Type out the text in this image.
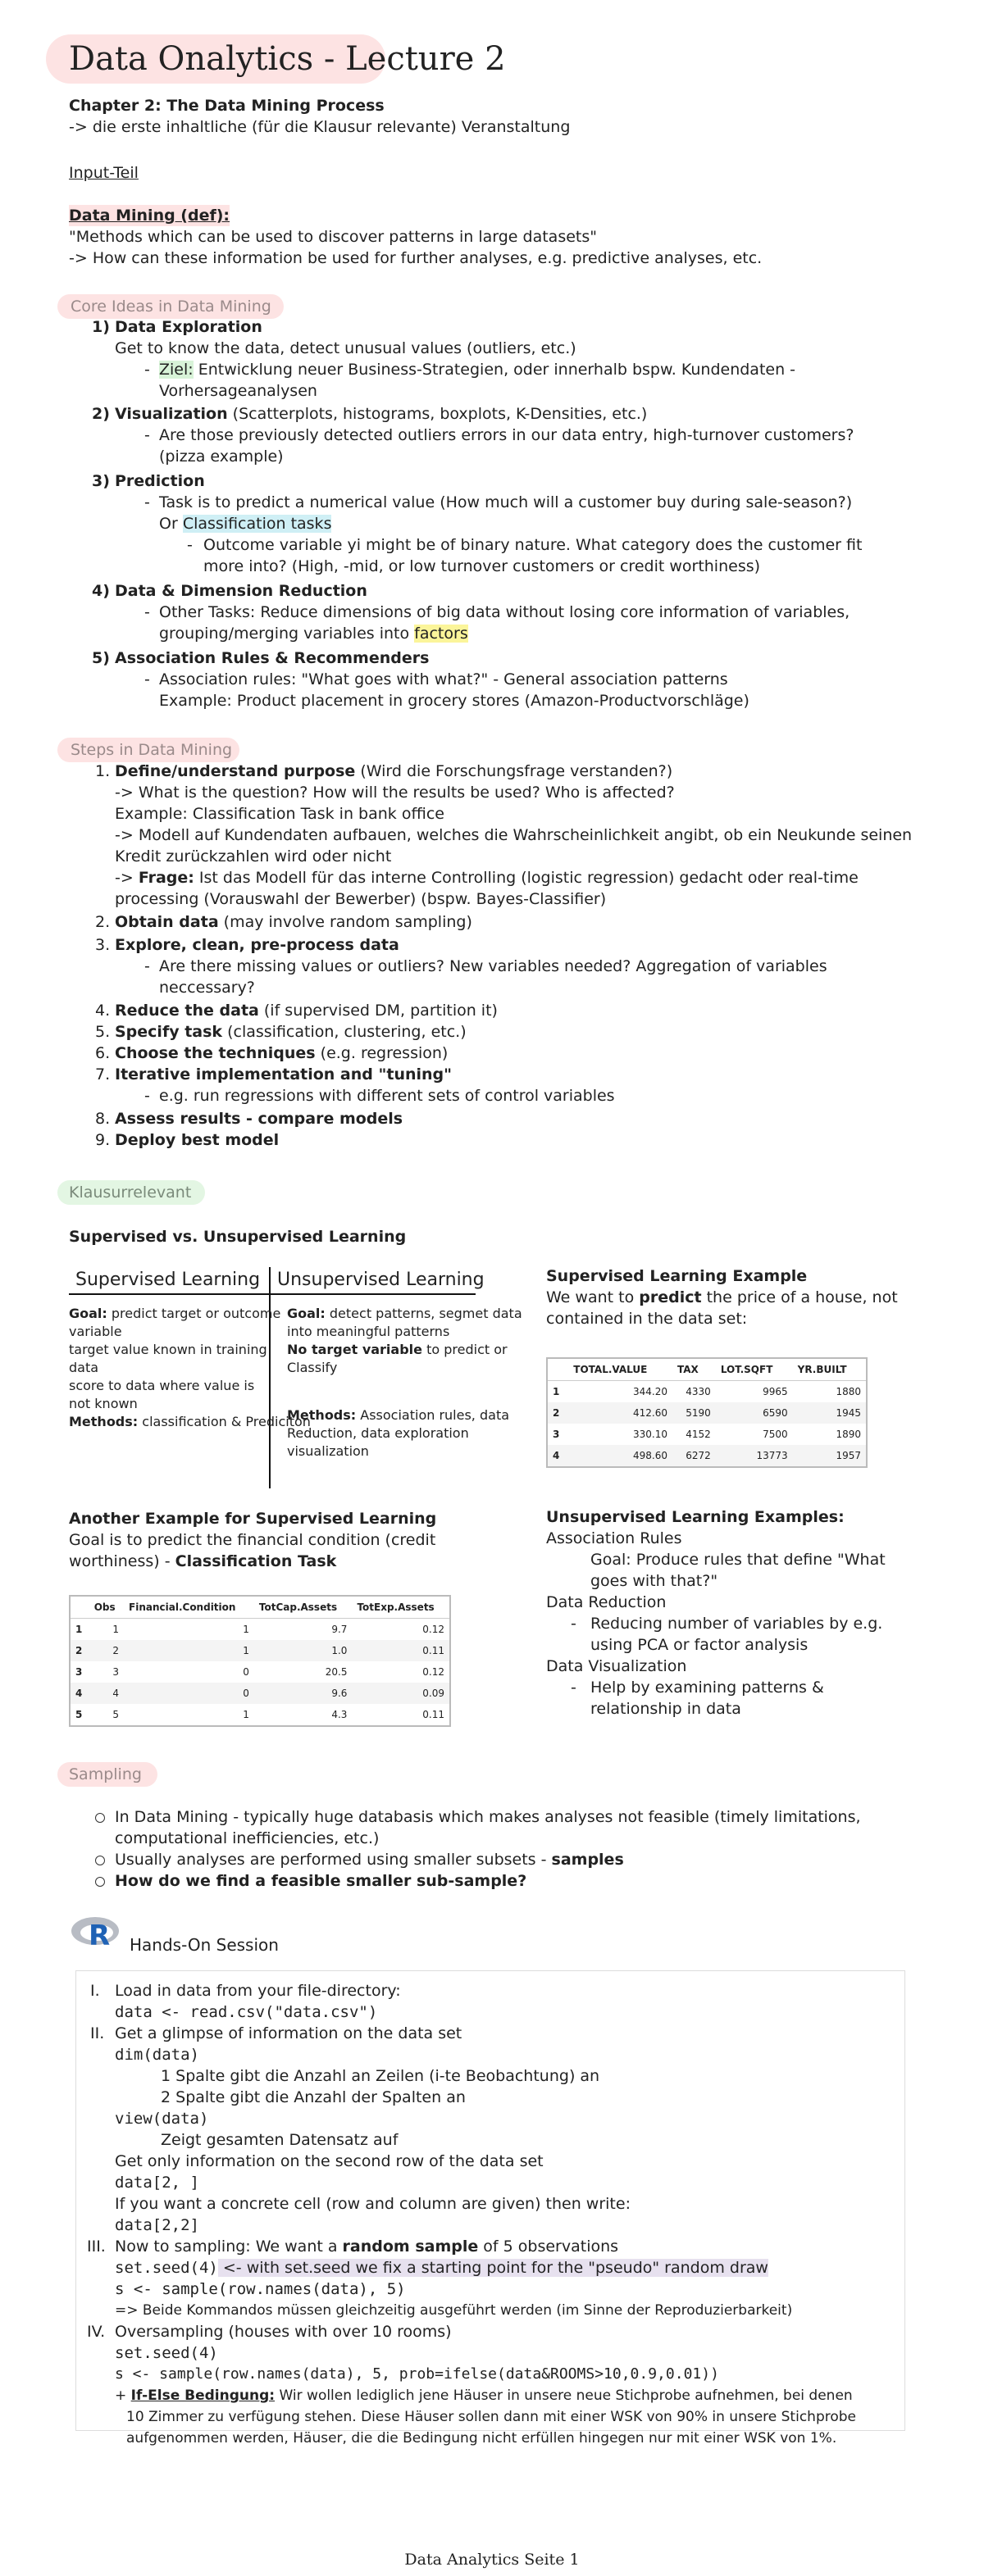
Data Onalytics - Lecture 2
Chapter 2: The Data Mining Process
-> die erste inhaltliche (für die Klausur relevante) Veranstaltung
Input-Teil
Data Mining (def):
"Methods which can be used to discover patterns in large datasets"
-> How can these information be used for further analyses, e.g. predictive analyses, etc.
Core Ideas in Data Mining
1) Data Exploration
Get to know the data, detect unusual values (outliers, etc.)
- Ziel: Entwicklung neuer Business-Strategien, oder innerhalb bspw. Kundendaten -
Vorhersageanalysen
2) Visualization (Scatterplots, histograms, boxplots, K-Densities, etc.)
- Are those previously detected outliers errors in our data entry, high-turnover customers?
(pizza example)
3) Prediction
- Task is to predict a numerical value (How much will a customer buy during sale-season?)
Or Classification tasks
- Outcome variable yi might be of binary nature. What category does the customer fit
more into? (High, -mid, or low turnover customers or credit worthiness)
4) Data & Dimension Reduction
- Other Tasks: Reduce dimensions of big data without losing core information of variables,
grouping/merging variables into factors
5) Association Rules & Recommenders
- Association rules: "What goes with what?" - General association patterns
Example: Product placement in grocery stores (Amazon-Productvorschläge)
Steps in Data Mining
1. Define/understand purpose (Wird die Forschungsfrage verstanden?)
-> What is the question? How will the results be used? Who is affected?
Example: Classification Task in bank office
-> Modell auf Kundendaten aufbauen, welches die Wahrscheinlichkeit angibt, ob ein Neukunde seinen
Kredit zurückzahlen wird oder nicht
-> Frage: Ist das Modell für das interne Controlling (logistic regression) gedacht oder real-time
processing (Vorauswahl der Bewerber) (bspw. Bayes-Classifier)
2. Obtain data (may involve random sampling)
3. Explore, clean, pre-process data
- Are there missing values or outliers? New variables needed? Aggregation of variables
neccessary?
4. Reduce the data (if supervised DM, partition it)
5. Specify task (classification, clustering, etc.)
6. Choose the techniques (e.g. regression)
7. Iterative implementation and "tuning"
- e.g. run regressions with different sets of control variables
8. Assess results - compare models
9. Deploy best model
Klausurrelevant
Supervised vs. Unsupervised Learning
Supervised Learning Unsupervised Learning
Goal: predict target or outcome
variable
target value known in training
data
score to data where value is
not known
Methods: classification & Prediciton
Goal: detect patterns, segmet data
into meaningful patterns
No target variable to predict or
Classify
Methods: Association rules, data
Reduction, data exploration
visualization
Supervised Learning Example
We want to predict the price of a house, not
contained in the data set:
	TOTAL.VALUE	TAX	LOT.SQFT	YR.BUILT
1	344.20	4330	9965	1880
2	412.60	5190	6590	1945
3	330.10	4152	7500	1890
4	498.60	6272	13773	1957
Another Example for Supervised Learning
Goal is to predict the financial condition (credit
worthiness) - Classification Task
	Obs	Financial.Condition	TotCap.Assets	TotExp.Assets
1	1	1	9.7	0.12
2	2	1	1.0	0.11
3	3	0	20.5	0.12
4	4	0	9.6	0.09
5	5	1	4.3	0.11
Unsupervised Learning Examples:
Association Rules
Goal: Produce rules that define "What
goes with that?"
Data Reduction
- Reducing number of variables by e.g.
using PCA or factor analysis
Data Visualization
- Help by examining patterns &
relationship in data
Sampling
In Data Mining - typically huge databasis which makes analyses not feasible (timely limitations,
computational inefficiencies, etc.)
Usually analyses are performed using smaller subsets - samples
How do we find a feasible smaller sub-sample?
R Hands-On Session
I. Load in data from your file-directory:
data <- read.csv("data.csv")
II. Get a glimpse of information on the data set
dim(data)
1 Spalte gibt die Anzahl an Zeilen (i-te Beobachtung) an
2 Spalte gibt die Anzahl der Spalten an
view(data)
Zeigt gesamten Datensatz auf
Get only information on the second row of the data set
data[2, ]
If you want a concrete cell (row and column are given) then write:
data[2,2]
III. Now to sampling: We want a random sample of 5 observations
set.seed(4) <- with set.seed we fix a starting point for the "pseudo" random draw
s <- sample(row.names(data), 5)
=> Beide Kommandos müssen gleichzeitig ausgeführt werden (im Sinne der Reproduzierbarkeit)
IV. Oversampling (houses with over 10 rooms)
set.seed(4)
s <- sample(row.names(data), 5, prob=ifelse(data&ROOMS>10,0.9,0.01))
+ If-Else Bedingung: Wir wollen lediglich jene Häuser in unsere neue Stichprobe aufnehmen, bei denen
10 Zimmer zu verfügung stehen. Diese Häuser sollen dann mit einer WSK von 90% in unsere Stichprobe
aufgenommen werden, Häuser, die die Bedingung nicht erfüllen hingegen nur mit einer WSK von 1%.
Data Analytics Seite 1
